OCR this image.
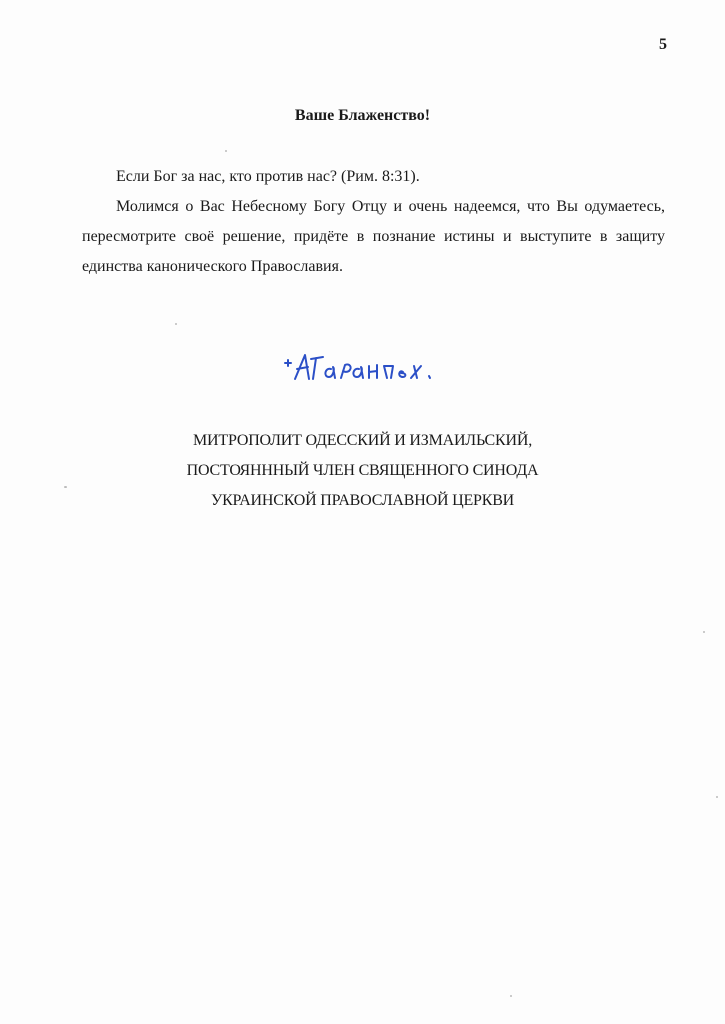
5
Ваше Блаженство!

Если Бог за нас, кто против нас? (Рим. 8:31).

Молимся о Вас Небесному Богу Отцу и очень надеемся, что Вы одумаетесь, пересмотрите своё решение, придёте в познание истины и выступите в защиту единства канонического Православия.

МИТРОПОЛИТ ОДЕССКИЙ И ИЗМАИЛЬСКИЙ,
ПОСТОЯНННЫЙ ЧЛЕН СВЯЩЕННОГО СИНОДА
УКРАИНСКОЙ ПРАВОСЛАВНОЙ ЦЕРКВИ
